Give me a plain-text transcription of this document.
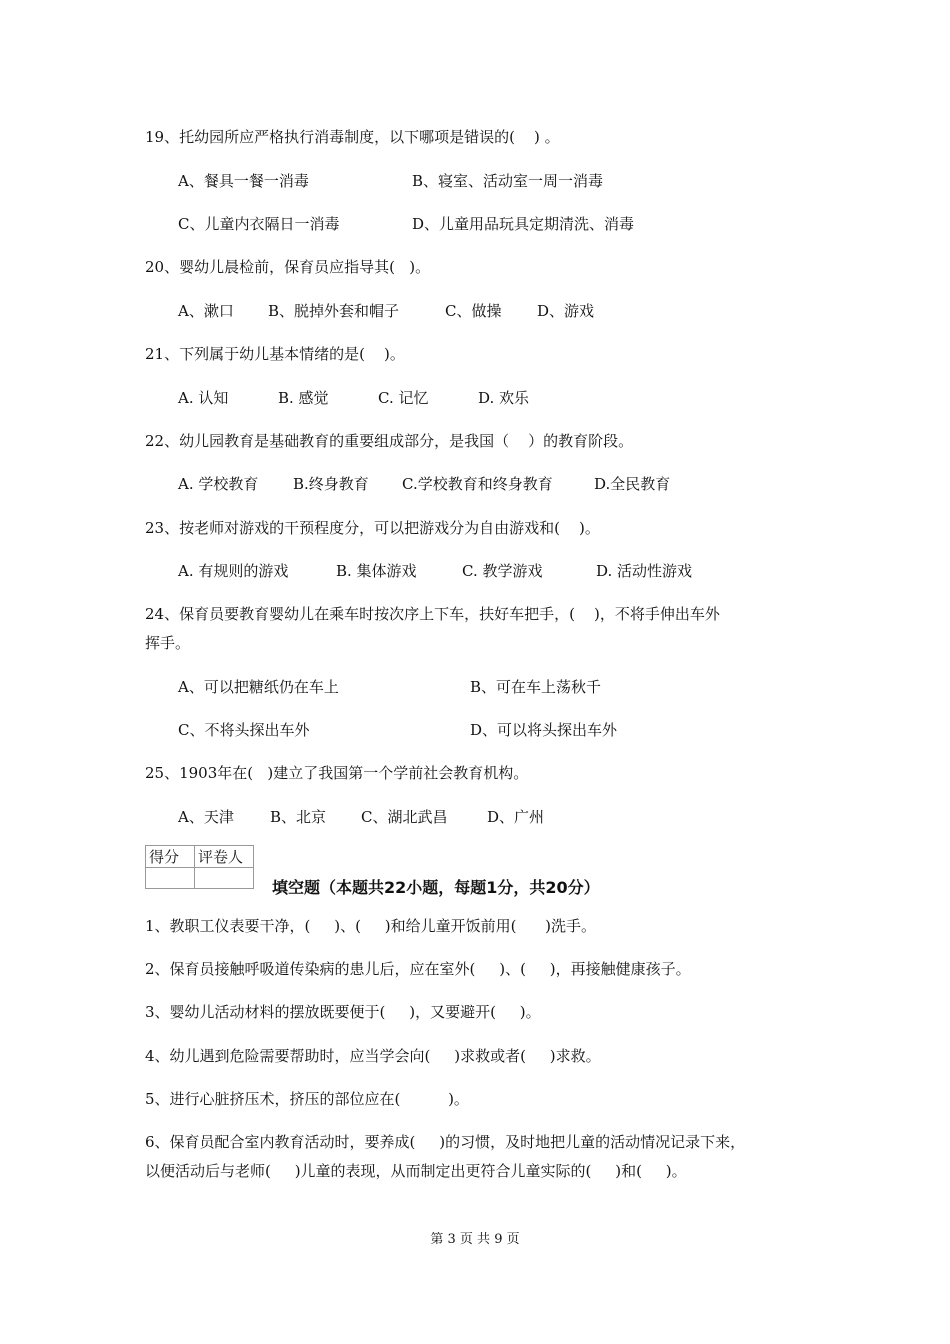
19、托幼园所应严格执行消毒制度，以下哪项是错误的(    ) 。
A、餐具一餐一消毒	B、寝室、活动室一周一消毒
C、儿童内衣隔日一消毒	D、儿童用品玩具定期清洗、消毒
20、婴幼儿晨检前，保育员应指导其(   )。
A、漱口 B、脱掉外套和帽子	C、做操 D、游戏
21、下列属于幼儿基本情绪的是(    )。
A. 认知	B. 感觉	C. 记忆	D. 欢乐
22、幼儿园教育是基础教育的重要组成部分，是我国（    ）的教育阶段。
A. 学校教育 B.终身教育 C.学校教育和终身教育	D.全民教育
23、按老师对游戏的干预程度分，可以把游戏分为自由游戏和(    )。
A. 有规则的游戏	B. 集体游戏	C. 教学游戏	D. 活动性游戏
24、保育员要教育婴幼儿在乘车时按次序上下车，扶好车把手，(    )，不将手伸出车外
挥手。
A、可以把糖纸仍在车上	B、可在车上荡秋千
C、不将头探出车外	D、可以将头探出车外
25、1903年在(   )建立了我国第一个学前社会教育机构。
A、天津 B、北京 C、湖北武昌	D、广州
得分	评卷人

填空题（本题共22小题，每题1分，共20分）
1、教职工仪表要干净，(     )、(     )和给儿童开饭前用(      )洗手。
2、保育员接触呼吸道传染病的患儿后，应在室外(     )、(     )，再接触健康孩子。
3、婴幼儿活动材料的摆放既要便于(     )，又要避开(     )。
4、幼儿遇到危险需要帮助时，应当学会向(     )求救或者(     )求救。
5、进行心脏挤压术，挤压的部位应在(          )。
6、保育员配合室内教育活动时，要养成(     )的习惯，及时地把儿童的活动情况记录下来，
以便活动后与老师(     )儿童的表现，从而制定出更符合儿童实际的(     )和(     )。
第 3 页 共 9 页
